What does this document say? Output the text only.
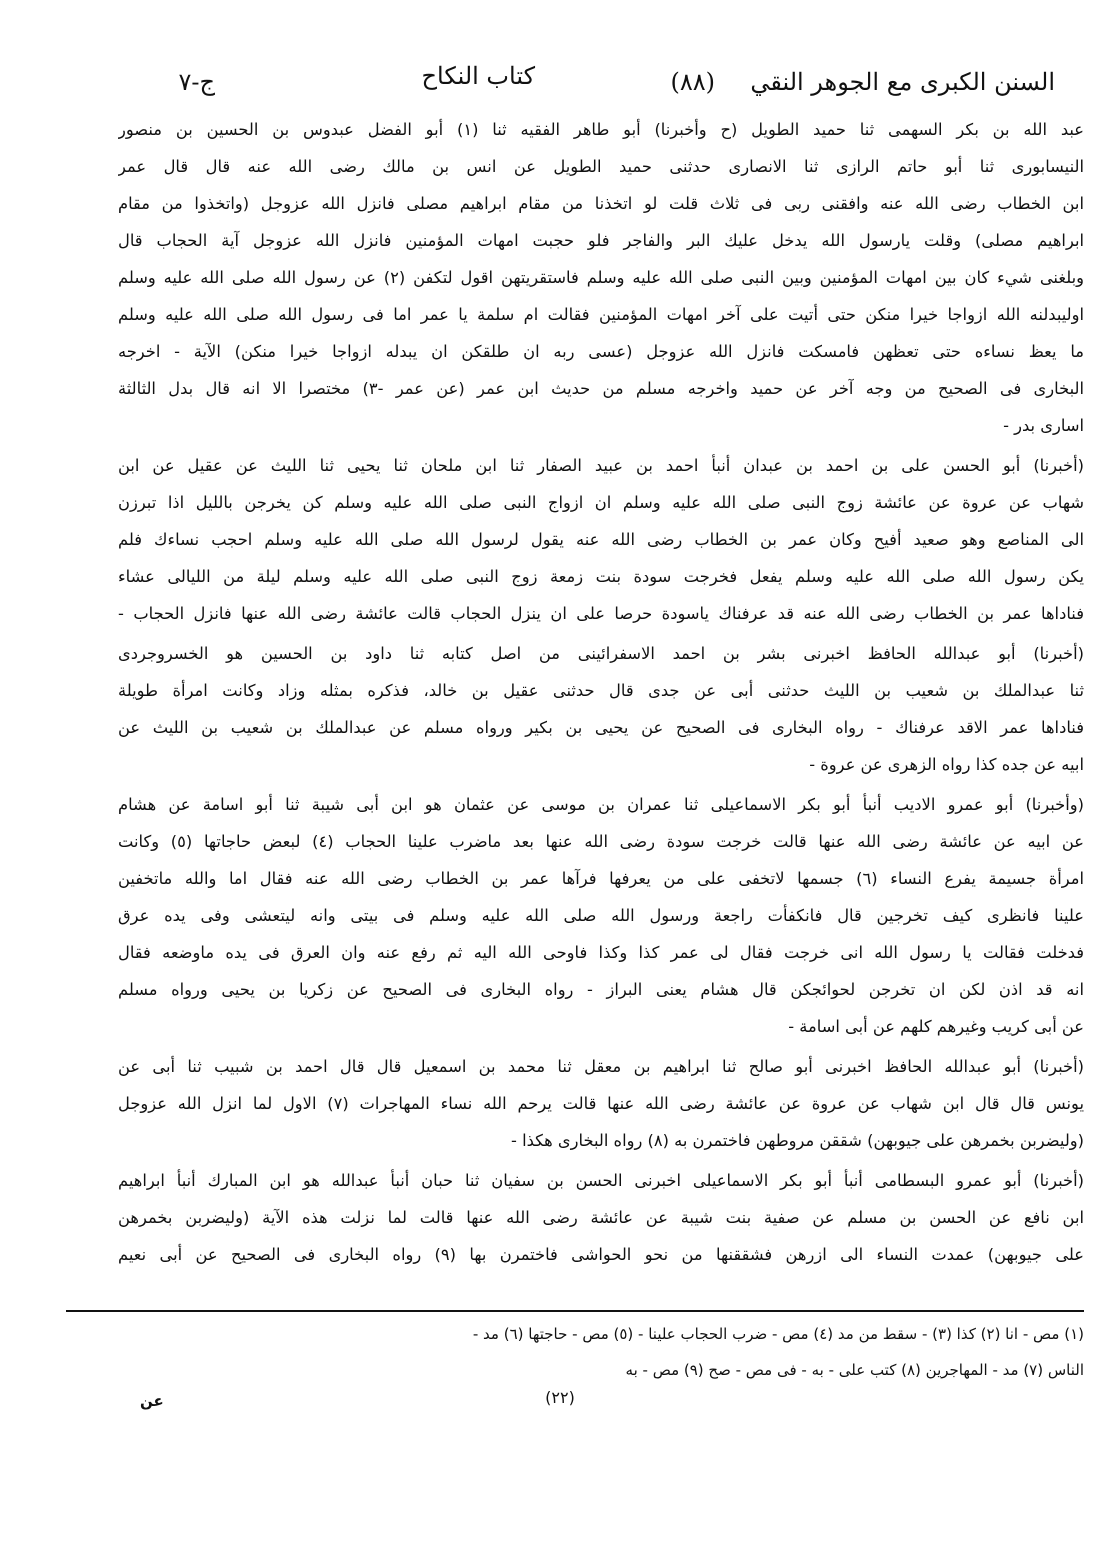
السنن الكبرى مع الجوهر النقي
(٨٨)
كتاب النكاح
ج-٧
عبد الله بن بكر السهمى ثنا حميد الطويل (ح وأخبرنا) أبو طاهر الفقيه ثنا (١) أبو الفضل عبدوس بن الحسين بن منصور
النيسابورى ثنا أبو حاتم الرازى ثنا الانصارى حدثنى حميد الطويل عن انس بن مالك رضى الله عنه قال قال عمر
ابن الخطاب رضى الله عنه وافقنى ربى فى ثلاث قلت لو اتخذنا من مقام ابراهيم مصلى فانزل الله عزوجل (واتخذوا من مقام
ابراهيم مصلى) وقلت يارسول الله يدخل عليك البر والفاجر فلو حجبت امهات المؤمنين فانزل الله عزوجل آية الحجاب قال
وبلغنى شيء كان بين امهات المؤمنين وبين النبى صلى الله عليه وسلم فاستقريتهن اقول لتكفن (٢) عن رسول الله صلى الله عليه وسلم
اوليبدلنه الله ازواجا خيرا منكن حتى أتيت على آخر امهات المؤمنين فقالت ام سلمة يا عمر اما فى رسول الله صلى الله عليه وسلم
ما يعظ نساءه حتى تعظهن فامسكت فانزل الله عزوجل (عسى ربه ان طلقكن ان يبدله ازواجا خيرا منكن) الآية - اخرجه
البخارى فى الصحيح من وجه آخر عن حميد واخرجه مسلم من حديث ابن عمر (عن عمر -٣) مختصرا الا انه قال بدل الثالثة
اسارى بدر -
(أخبرنا) أبو الحسن على بن احمد بن عبدان أنبأ احمد بن عبيد الصفار ثنا ابن ملحان ثنا يحيى ثنا الليث عن عقيل عن ابن
شهاب عن عروة عن عائشة زوج النبى صلى الله عليه وسلم ان ازواج النبى صلى الله عليه وسلم كن يخرجن بالليل اذا تبرزن
الى المناصع وهو صعيد أفيح وكان عمر بن الخطاب رضى الله عنه يقول لرسول الله صلى الله عليه وسلم احجب نساءك فلم
يكن رسول الله صلى الله عليه وسلم يفعل فخرجت سودة بنت زمعة زوج النبى صلى الله عليه وسلم ليلة من الليالى عشاء
فناداها عمر بن الخطاب رضى الله عنه قد عرفناك ياسودة حرصا على ان ينزل الحجاب قالت عائشة رضى الله عنها فانزل الحجاب -
(أخبرنا) أبو عبدالله الحافظ اخبرنى بشر بن احمد الاسفرائينى من اصل كتابه ثنا داود بن الحسين هو الخسروجردى
ثنا عبدالملك بن شعيب بن الليث حدثنى أبى عن جدى قال حدثنى عقيل بن خالد، فذكره بمثله وزاد وكانت امرأة طويلة
فناداها عمر الاقد عرفناك - رواه البخارى فى الصحيح عن يحيى بن بكير ورواه مسلم عن عبدالملك بن شعيب بن الليث عن
ابيه عن جده كذا رواه الزهرى عن عروة -
(وأخبرنا) أبو عمرو الاديب أنبأ أبو بكر الاسماعيلى ثنا عمران بن موسى عن عثمان هو ابن أبى شيبة ثنا أبو اسامة عن هشام
عن ابيه عن عائشة رضى الله عنها قالت خرجت سودة رضى الله عنها بعد ماضرب علينا الحجاب (٤) لبعض حاجاتها (٥) وكانت
امرأة جسيمة يفرع النساء (٦) جسمها لاتخفى على من يعرفها فرآها عمر بن الخطاب رضى الله عنه فقال اما والله ماتخفين
علينا فانظرى كيف تخرجين قال فانكفأت راجعة ورسول الله صلى الله عليه وسلم فى بيتى وانه ليتعشى وفى يده عرق
فدخلت فقالت يا رسول الله انى خرجت فقال لى عمر كذا وكذا فاوحى الله اليه ثم رفع عنه وان العرق فى يده ماوضعه فقال
انه قد اذن لكن ان تخرجن لحوائجكن قال هشام يعنى البراز - رواه البخارى فى الصحيح عن زكريا بن يحيى ورواه مسلم
عن أبى كريب وغيرهم كلهم عن أبى اسامة -
(أخبرنا) أبو عبدالله الحافظ اخبرنى أبو صالح ثنا ابراهيم بن معقل ثنا محمد بن اسمعيل قال قال احمد بن شبيب ثنا أبى عن
يونس قال قال ابن شهاب عن عروة عن عائشة رضى الله عنها قالت يرحم الله نساء المهاجرات (٧) الاول لما انزل الله عزوجل
(وليضربن بخمرهن على جيوبهن) شققن مروطهن فاختمرن به (٨) رواه البخارى هكذا -
(أخبرنا) أبو عمرو البسطامى أنبأ أبو بكر الاسماعيلى اخبرنى الحسن بن سفيان ثنا حبان أنبأ عبدالله هو ابن المبارك أنبأ ابراهيم
ابن نافع عن الحسن بن مسلم عن صفية بنت شيبة عن عائشة رضى الله عنها قالت لما نزلت هذه الآية (وليضربن بخمرهن
على جيوبهن) عمدت النساء الى ازرهن فشققنها من نحو الحواشى فاختمرن بها (٩) رواه البخارى فى الصحيح عن أبى نعيم
(١) مص - انا (٢) كذا (٣) - سقط من مد (٤) مص - ضرب الحجاب علينا - (٥) مص - حاجتها (٦) مد -
الناس (٧) مد - المهاجرين (٨) كتب على - به - فى مص - صح (٩) مص - به
(٢٢)
عن
